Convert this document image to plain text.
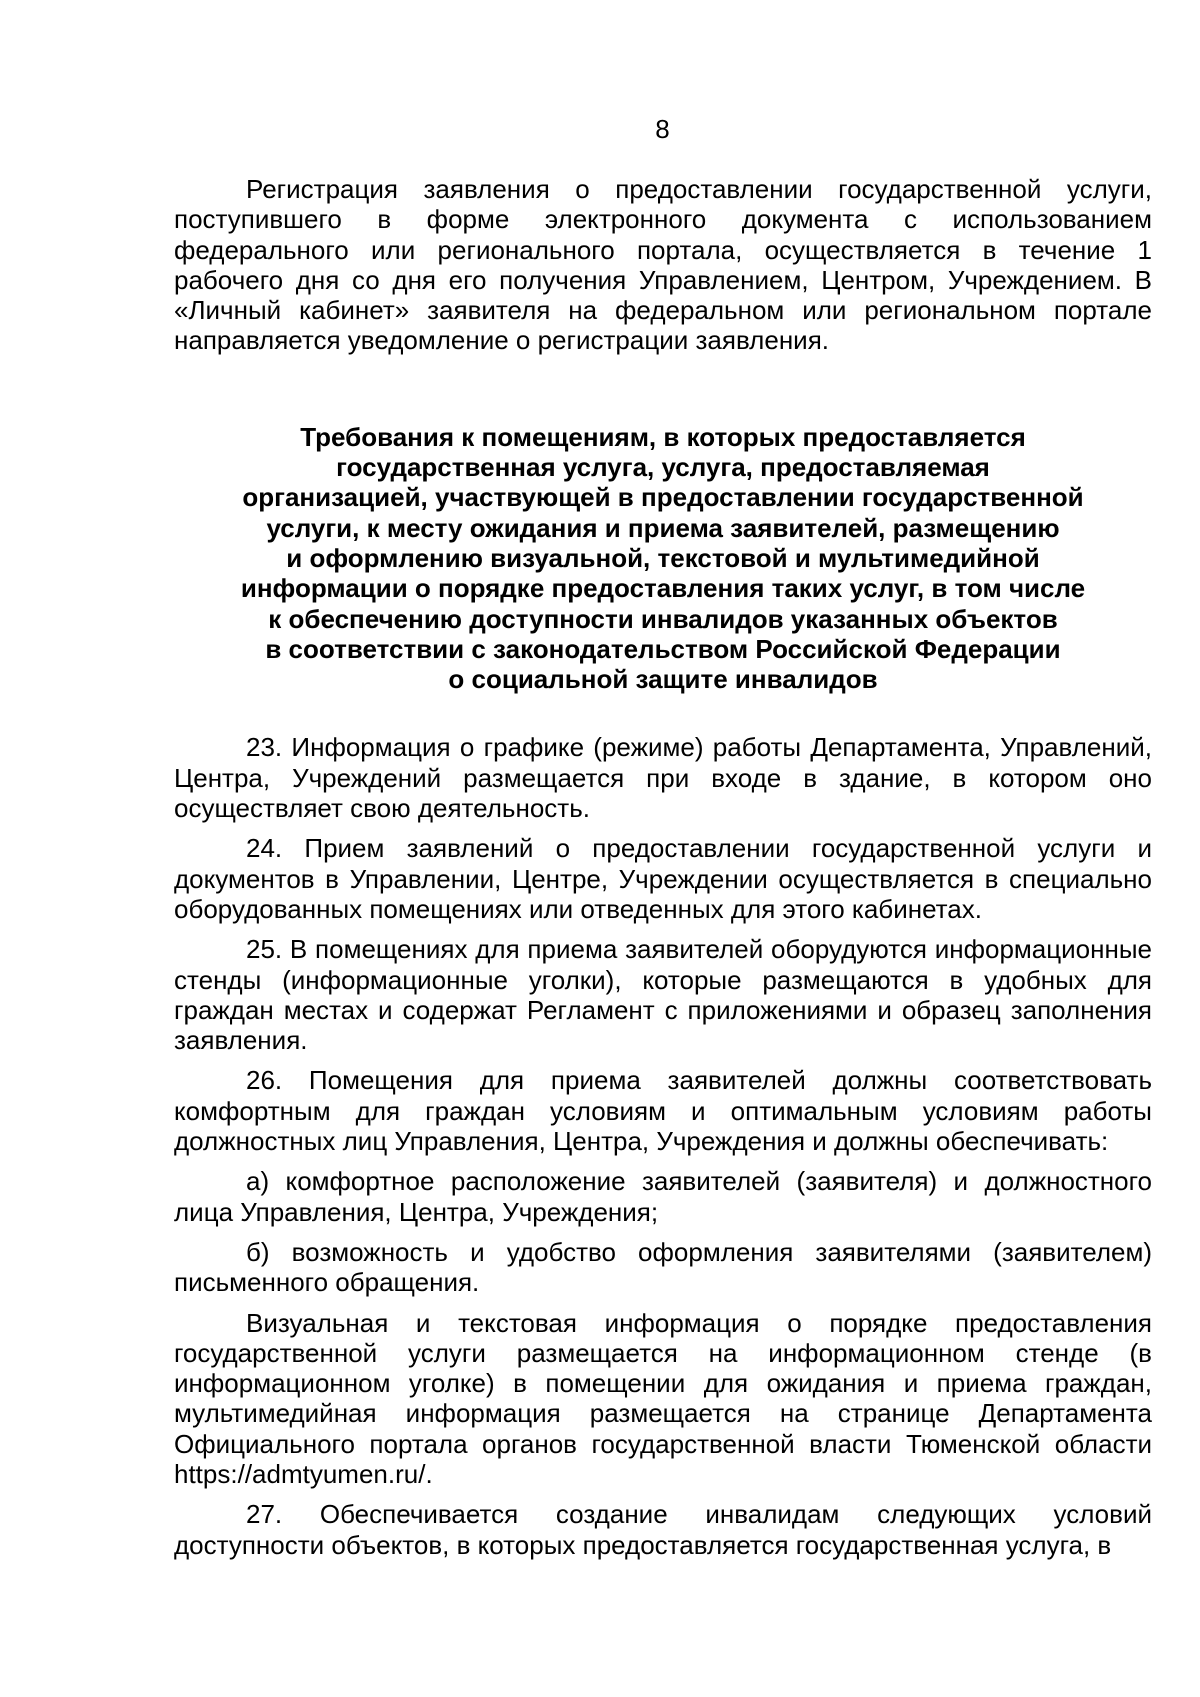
8

Регистрация заявления о предоставлении государственной услуги, поступившего в форме электронного документа с использованием федерального или регионального портала, осуществляется в течение 1 рабочего дня со дня его получения Управлением, Центром, Учреждением. В «Личный кабинет» заявителя на федеральном или региональном портале направляется уведомление о регистрации заявления.

Требования к помещениям, в которых предоставляется
государственная услуга, услуга, предоставляемая
организацией, участвующей в предоставлении государственной
услуги, к месту ожидания и приема заявителей, размещению
и оформлению визуальной, текстовой и мультимедийной
информации о порядке предоставления таких услуг, в том числе
к обеспечению доступности инвалидов указанных объектов
в соответствии с законодательством Российской Федерации
о социальной защите инвалидов

23. Информация о графике (режиме) работы Департамента, Управлений, Центра, Учреждений размещается при входе в здание, в котором оно осуществляет свою деятельность.

24. Прием заявлений о предоставлении государственной услуги и документов в Управлении, Центре, Учреждении осуществляется в специально оборудованных помещениях или отведенных для этого кабинетах.

25. В помещениях для приема заявителей оборудуются информационные стенды (информационные уголки), которые размещаются в удобных для граждан местах и содержат Регламент с приложениями и образец заполнения заявления.

26. Помещения для приема заявителей должны соответствовать комфортным для граждан условиям и оптимальным условиям работы должностных лиц Управления, Центра, Учреждения и должны обеспечивать:

а) комфортное расположение заявителей (заявителя) и должностного лица Управления, Центра, Учреждения;

б) возможность и удобство оформления заявителями (заявителем) письменного обращения.

Визуальная и текстовая информация о порядке предоставления государственной услуги размещается на информационном стенде (в информационном уголке) в помещении для ожидания и приема граждан, мультимедийная информация размещается на странице Департамента Официального портала органов государственной власти Тюменской области https://admtyumen.ru/.

27. Обеспечивается создание инвалидам следующих условий доступности объектов, в которых предоставляется государственная услуга, в
